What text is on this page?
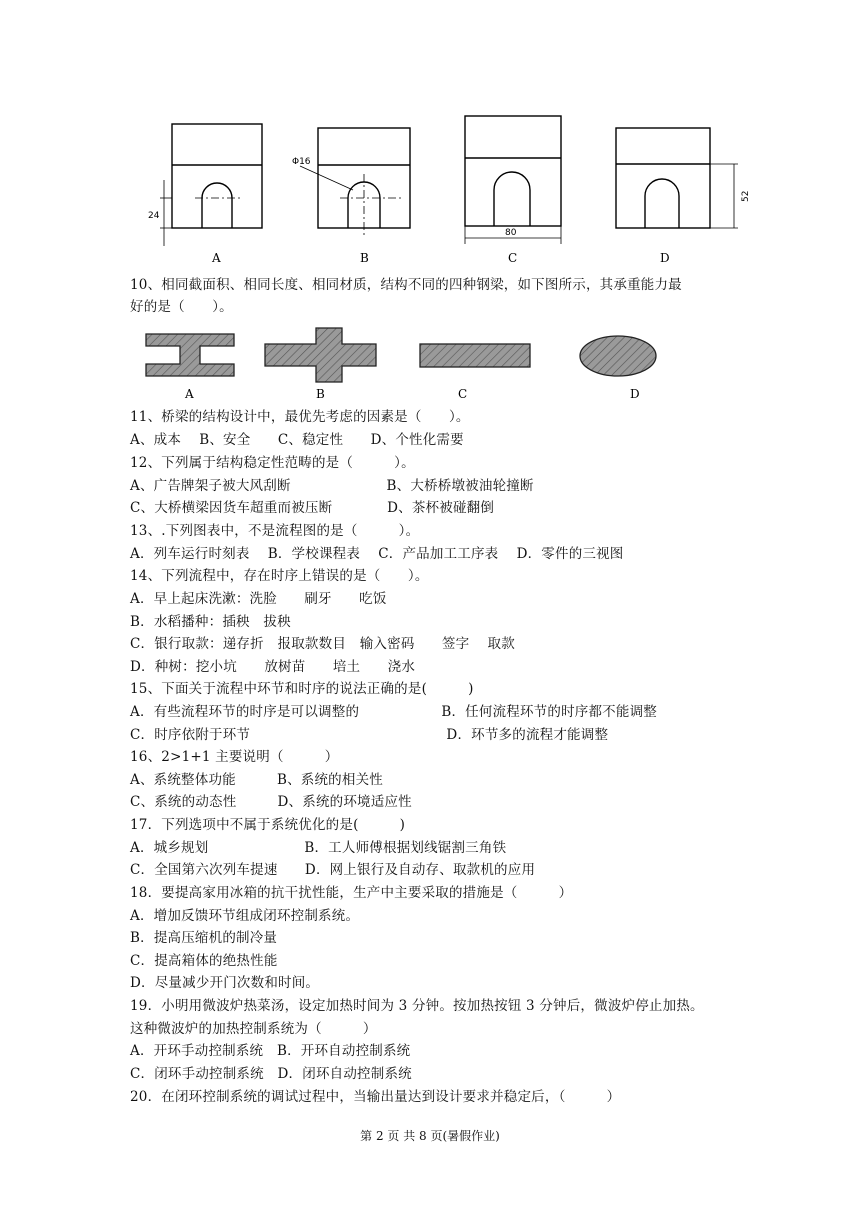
24
Φ16
80
52
A	B	C	D
A	B	C	D
10、相同截面积、相同长度、相同材质，结构不同的四种钢梁，如下图所示，其承重能力最
好的是（　　）。
11、桥梁的结构设计中，最优先考虑的因素是（　　）。
A、成本　 B、安全　　C、稳定性　　D、个性化需要
12、下列属于结构稳定性范畴的是（　　　）。
A、广告牌架子被大风刮断　　　　　　　B、大桥桥墩被油轮撞断
C、大桥横梁因货车超重而被压断　　　　D、茶杯被碰翻倒
13、.下列图表中，不是流程图的是（　　　）。
A．列车运行时刻表　 B．学校课程表　 C．产品加工工序表　 D．零件的三视图
14、下列流程中，存在时序上错误的是（　　）。
A．早上起床洗漱：洗脸　　刷牙　　吃饭
B．水稻播种：插秧　拔秧
C．银行取款：递存折　报取款数目　输入密码　　签字　 取款
D．种树：挖小坑　　放树苗　　培土　　浇水
15、下面关于流程中环节和时序的说法正确的是(　　　)
A．有些流程环节的时序是可以调整的　　　　　　B．任何流程环节的时序都不能调整
C．时序依附于环节　　　　　　　　　　　　　　 D．环节多的流程才能调整
16、2>1+1 主要说明（　　　）
A、系统整体功能　　　B、系统的相关性
C、系统的动态性　　　D、系统的环境适应性
17．下列选项中不属于系统优化的是(　　　)
A．城乡规划　　　　　　　B．工人师傅根据划线锯割三角铁
C．全国第六次列车提速　　D．网上银行及自动存、取款机的应用
18．要提高家用冰箱的抗干扰性能，生产中主要采取的措施是（　　　）
A．增加反馈环节组成闭环控制系统。
B．提高压缩机的制冷量
C．提高箱体的绝热性能
D．尽量减少开门次数和时间。
19．小明用微波炉热菜汤，设定加热时间为 3 分钟。按加热按钮 3 分钟后，微波炉停止加热。
这种微波炉的加热控制系统为（　　　）
A．开环手动控制系统　B．开环自动控制系统
C．闭环手动控制系统　D．闭环自动控制系统
20．在闭环控制系统的调试过程中，当输出量达到设计要求并稳定后，（　　　）
第 2 页 共 8 页(暑假作业)
